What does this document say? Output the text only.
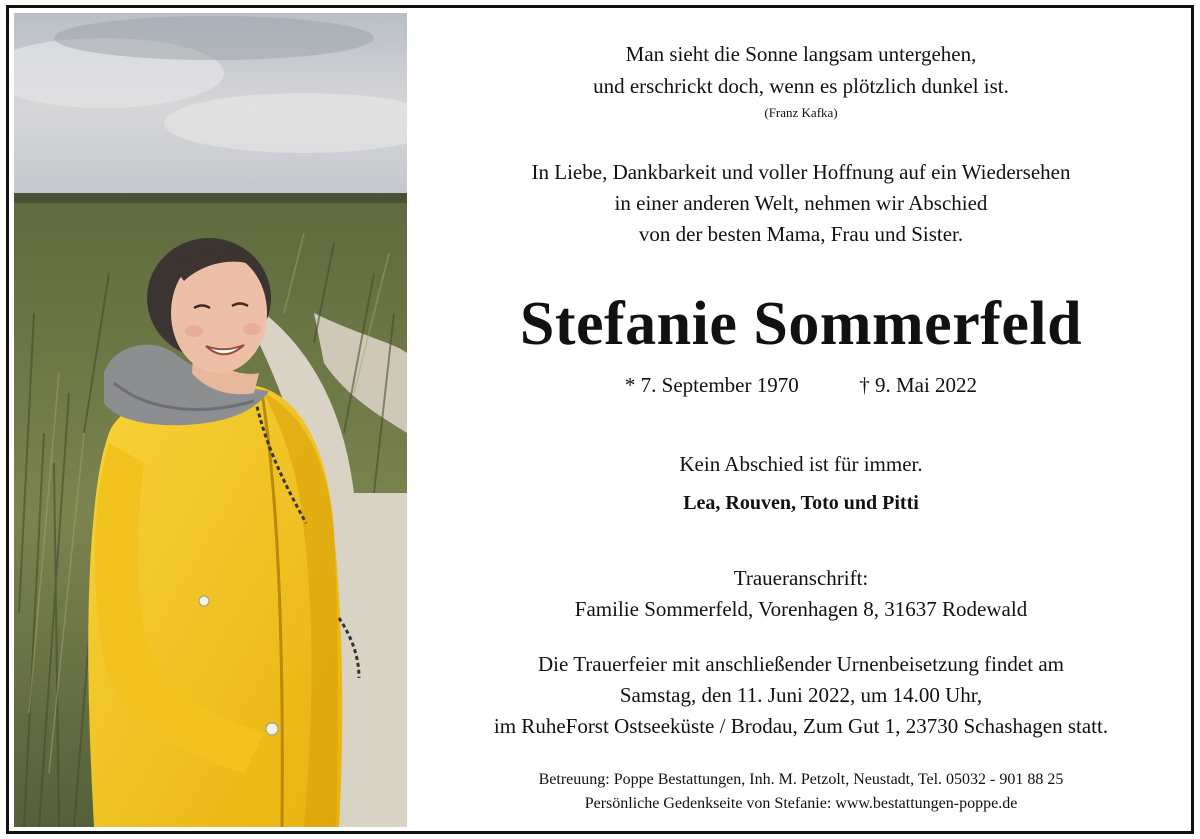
Man sieht die Sonne langsam untergehen,
und erschrickt doch, wenn es plötzlich dunkel ist.
(Franz Kafka)
In Liebe, Dankbarkeit und voller Hoffnung auf ein Wiedersehen
in einer anderen Welt, nehmen wir Abschied
von der besten Mama, Frau und Sister.
Stefanie Sommerfeld
* 7. September 1970	† 9. Mai 2022
Kein Abschied ist für immer.
Lea, Rouven, Toto und Pitti
Traueranschrift:
Familie Sommerfeld, Vorenhagen 8, 31637 Rodewald
Die Trauerfeier mit anschließender Urnenbeisetzung findet am
Samstag, den 11. Juni 2022, um 14.00 Uhr,
im RuheForst Ostseeküste / Brodau, Zum Gut 1, 23730 Schashagen statt.
Betreuung: Poppe Bestattungen, Inh. M. Petzolt, Neustadt, Tel. 05032 - 901 88 25
Persönliche Gedenkseite von Stefanie: www.bestattungen-poppe.de
